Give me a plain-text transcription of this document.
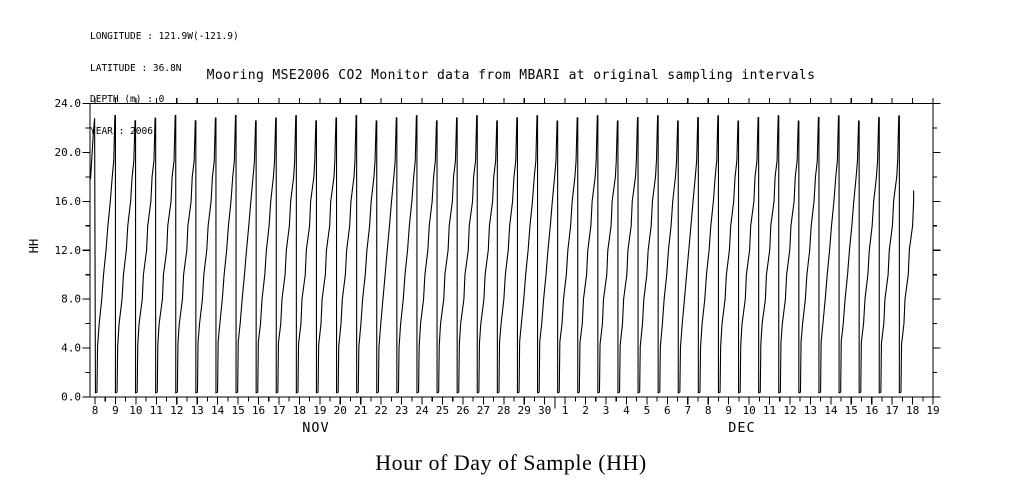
LONGITUDE : 121.9W(-121.9)

LATITUDE : 36.8N

DEPTH (m) : 0

YEAR : 2006

Mooring MSE2006 CO2 Monitor data from MBARI at original sampling intervals
HH
24.0
20.0
16.0
12.0
8.0
4.0
0.0
8 9 10 11 12 13 14 15 16 17 18 19 20 21 22 23 24 25 26 27 28 29 30 1 2 3 4 5 6 7 8 9 10 11 12 13 14 15 16 17 18 19
NOV	DEC
Hour of Day of Sample (HH)
